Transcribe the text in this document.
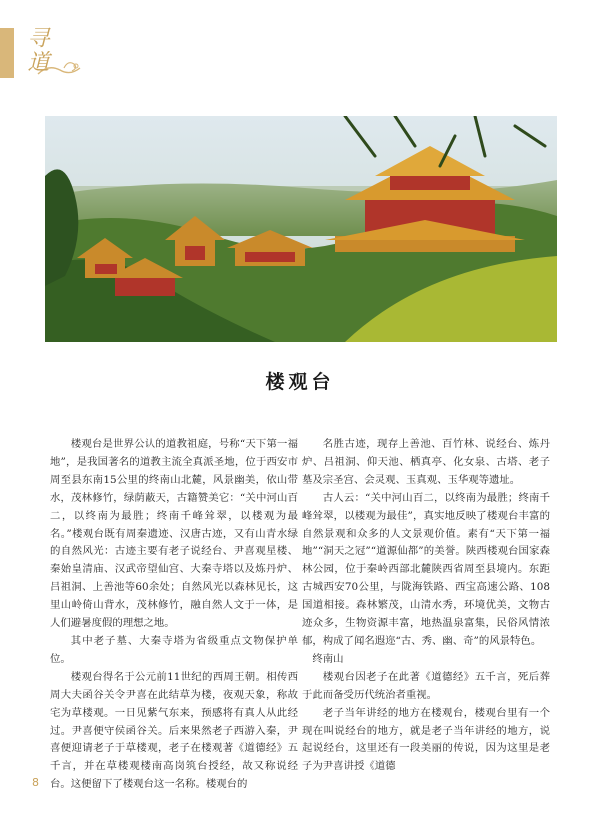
寻道
楼观台

楼观台是世界公认的道教祖庭，号称“天下第一福地”，是我国著名的道教主流全真派圣地，位于西安市周至县东南15公里的终南山北麓，风景幽美，依山带水，茂林修竹，绿荫蔽天，古籍赞美它：“关中河山百二，以终南为最胜；终南千峰耸翠，以楼观为最名。”楼观台既有周秦遗迹、汉唐古迹，又有山青水绿的自然风光：古迹主要有老子说经台、尹喜观星楼、秦始皇清庙、汉武帝望仙宫、大秦寺塔以及炼丹炉、吕祖洞、上善池等60余处；自然风光以森林见长，这里山岭倚山背水，茂林修竹，融自然人文于一体，是人们避暑度假的理想之地。

其中老子墓、大秦寺塔为省级重点文物保护单位。

楼观台得名于公元前11世纪的西周王朝。相传西周大夫函谷关令尹喜在此结草为楼，夜观天象，称故宅为草楼观。一日见紫气东来，预感将有真人从此经过。尹喜便守侯函谷关。后来果然老子西游入秦，尹喜便迎请老子于草楼观，老子在楼观著《道德经》五千言，并在草楼观楼南高岗筑台授经，故又称说经台。这便留下了楼观台这一名称。楼观台的

名胜古迹，现存上善池、百竹林、说经台、炼丹炉、吕祖洞、仰天池、栖真亭、化女泉、古塔、老子墓及宗圣宫、会灵观、玉真观、玉华观等遗址。

古人云：“关中河山百二，以终南为最胜；终南千峰耸翠，以楼观为最佳”，真实地反映了楼观台丰富的自然景观和众多的人文景观价值。素有“天下第一福地”“洞天之冠”“道源仙都”的美誉。陕西楼观台国家森林公园，位于秦岭西部北麓陕西省周至县境内。东距古城西安70公里，与陇海铁路、西宝高速公路、108国道相接。森林繁茂，山清水秀，环境优美，文物古迹众多，生物资源丰富，地热温泉富集，民俗风情浓郁，构成了闻名遐迩“古、秀、幽、奇”的风景特色。

终南山

楼观台因老子在此著《道德经》五千言，死后葬于此而备受历代统治者重视。

老子当年讲经的地方在楼观台，楼观台里有一个现在叫说经台的地方，就是老子当年讲经的地方，说起说经台，这里还有一段美丽的传说，因为这里是老子为尹喜讲授《道德

8
